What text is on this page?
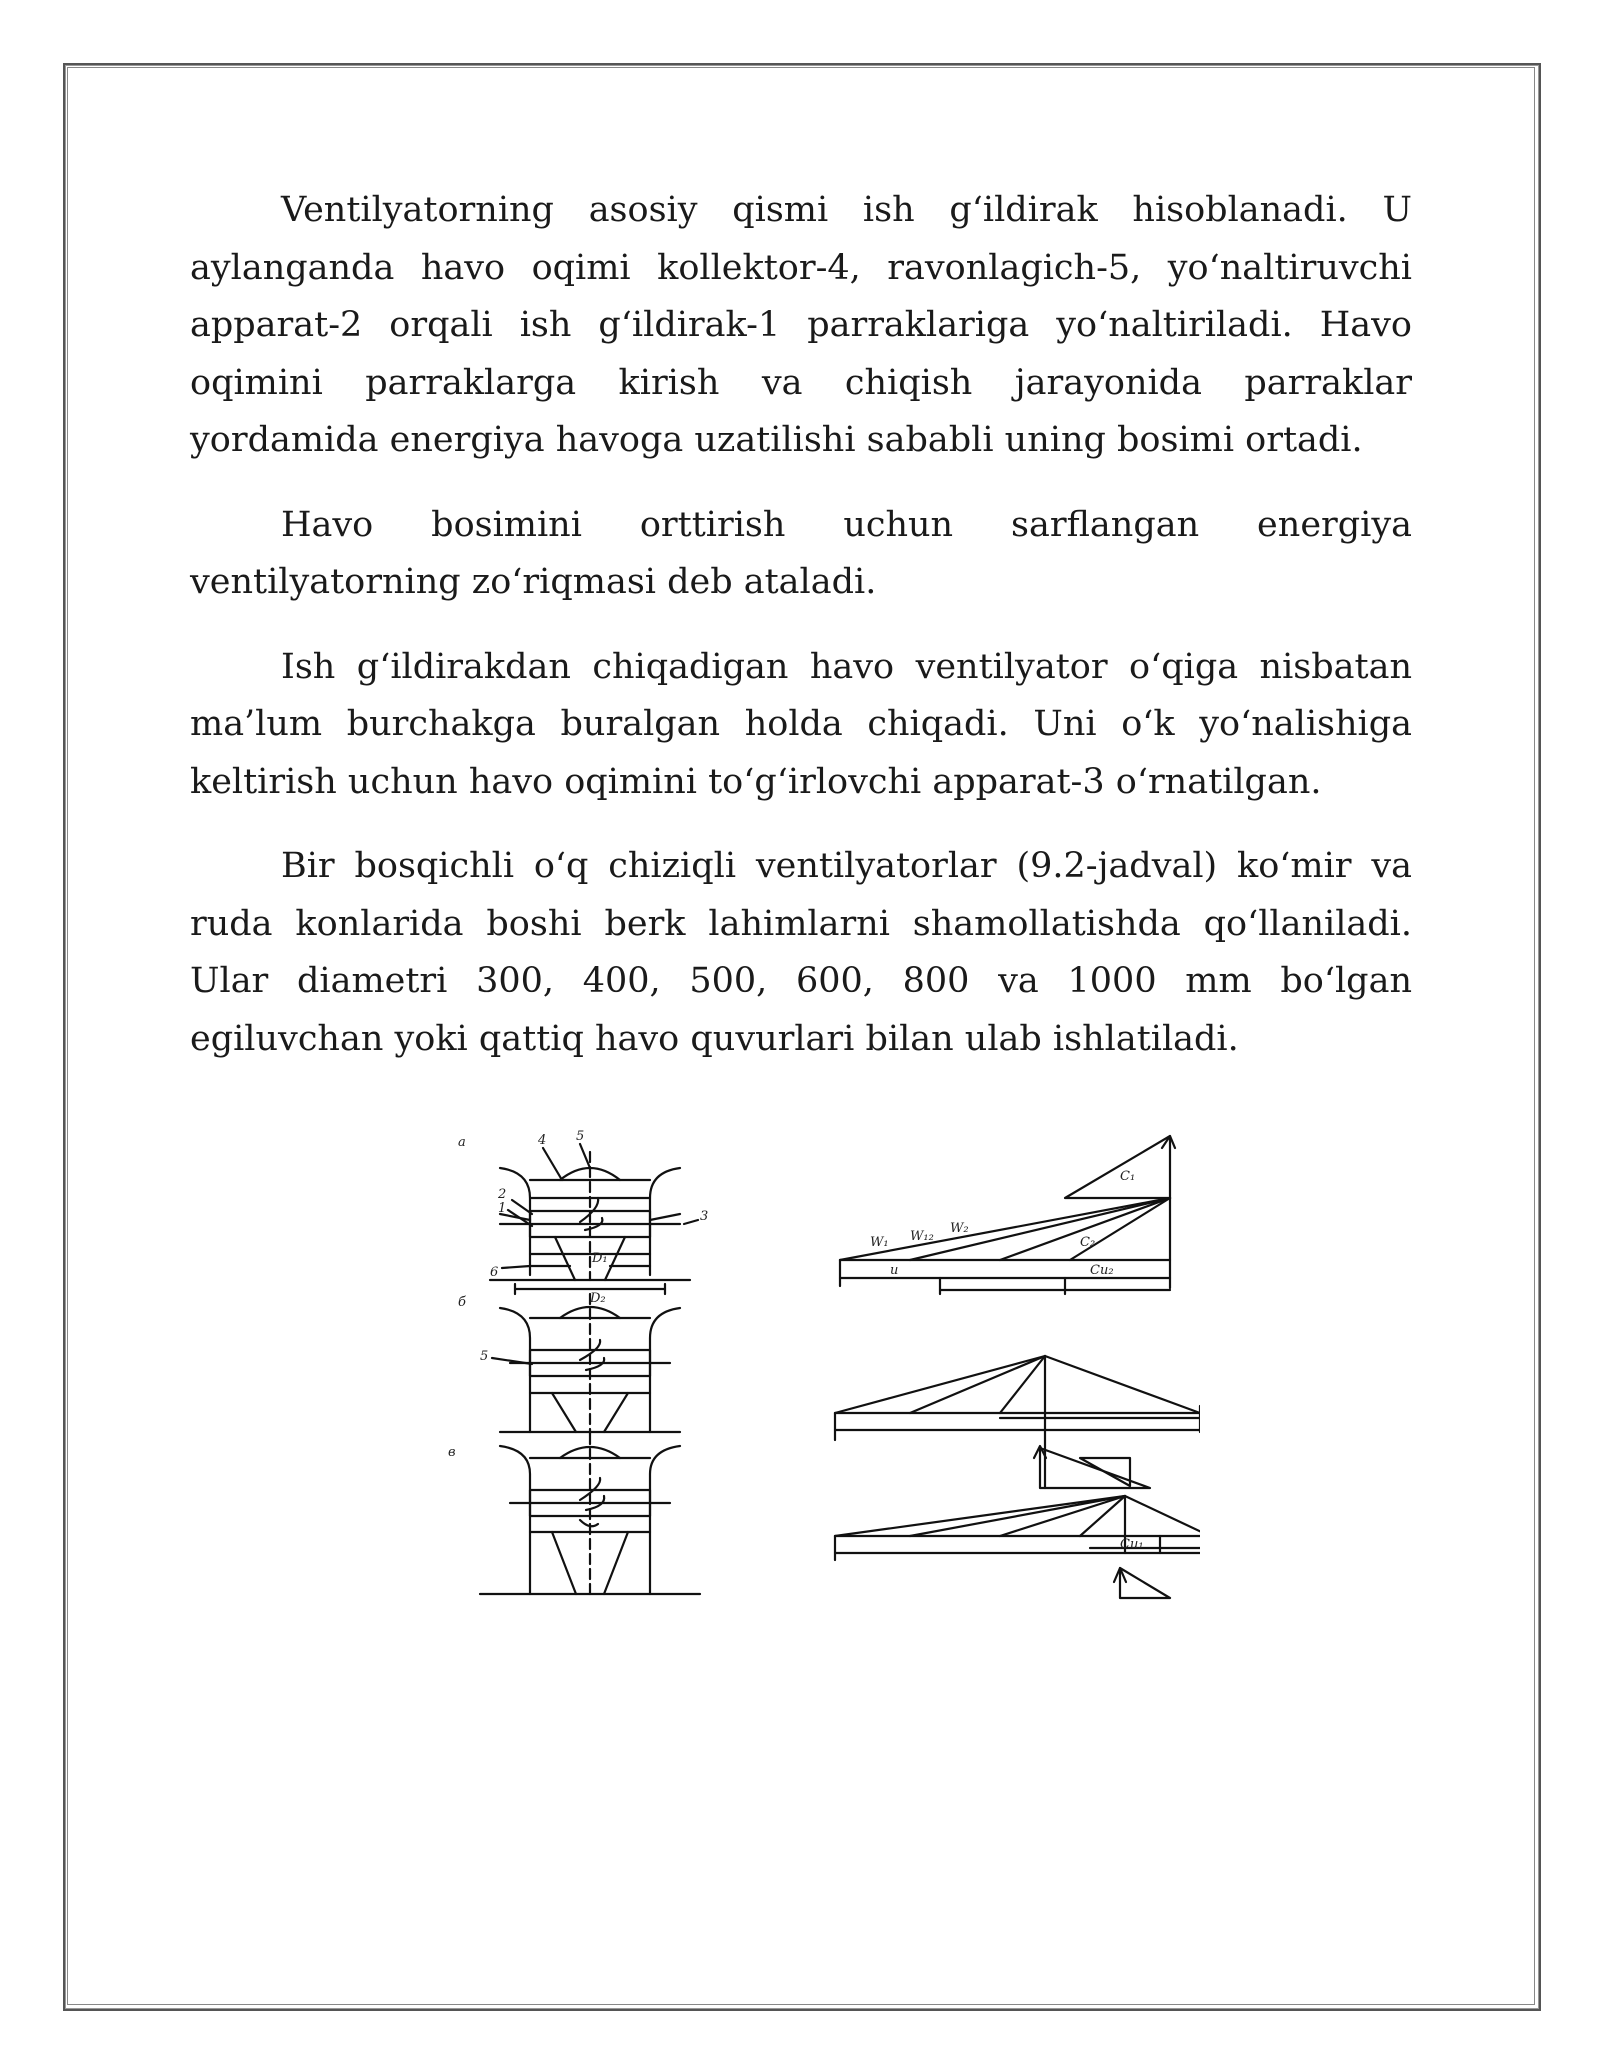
Ventilyatorning asosiy qismi ish g‘ildirak hisoblanadi. U aylanganda havo oqimi kollektor-4, ravonlagich-5, yo‘naltiruvchi apparat-2 orqali ish g‘ildirak-1 parraklariga yo‘naltiriladi. Havo oqimini parraklarga kirish va chiqish jarayonida parraklar yordamida energiya havoga uzatilishi sababli uning bosimi ortadi.

Havo bosimini orttirish uchun sarflangan energiya ventilyatorning zo‘riqmasi deb ataladi.

Ish g‘ildirakdan chiqadigan havo ventilyator o‘qiga nisbatan ma’lum burchakga buralgan holda chiqadi. Uni o‘k yo‘nalishiga keltirish uchun havo oqimini to‘g‘irlovchi apparat-3 o‘rnatilgan.

Bir bosqichli o‘q chiziqli ventilyatorlar (9.2-jadval) ko‘mir va ruda konlarida boshi berk lahimlarni shamollatishda qo‘llaniladi. Ular diametri 300, 400, 500, 600, 800 va 1000 mm bo‘lgan egiluvchan yoki qattiq havo quvurlari bilan ulab ishlatiladi.

a
б
в
4 5
2
1
3
6
5
D₁
D₂
W₁ W₁₂
W₂
C₁
C₂
u	Cu₂
Cu₁
